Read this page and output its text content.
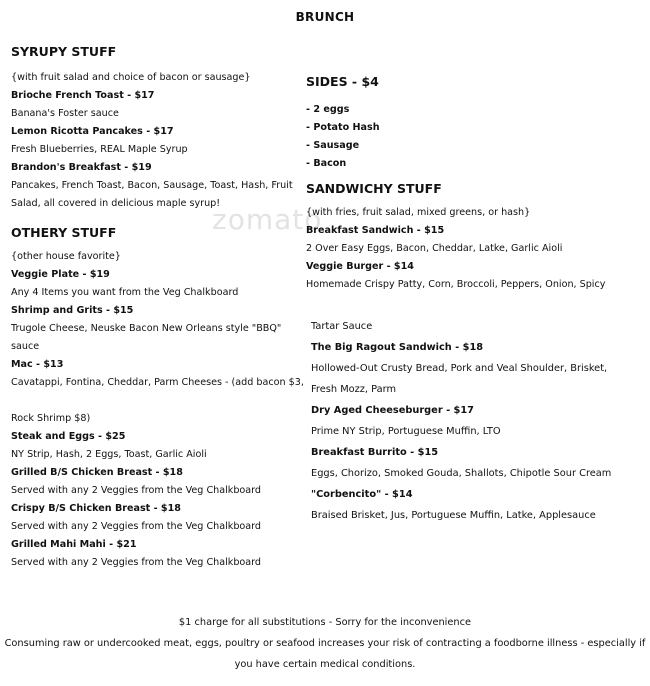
zomato
BRUNCH
SYRUPY STUFF
{with fruit salad and choice of bacon or sausage}
Brioche French Toast - $17
Banana's Foster sauce
Lemon Ricotta Pancakes - $17
Fresh Blueberries, REAL Maple Syrup
Brandon's Breakfast - $19
Pancakes, French Toast, Bacon, Sausage, Toast, Hash, Fruit
Salad, all covered in delicious maple syrup!
OTHERY STUFF
{other house favorite}
Veggie Plate - $19
Any 4 Items you want from the Veg Chalkboard
Shrimp and Grits - $15
Trugole Cheese, Neuske Bacon New Orleans style "BBQ"
sauce
Mac - $13
Cavatappi, Fontina, Cheddar, Parm Cheeses - (add bacon $3,

Rock Shrimp $8)
Steak and Eggs - $25
NY Strip, Hash, 2 Eggs, Toast, Garlic Aioli
Grilled B/S Chicken Breast - $18
Served with any 2 Veggies from the Veg Chalkboard
Crispy B/S Chicken Breast - $18
Served with any 2 Veggies from the Veg Chalkboard
Grilled Mahi Mahi - $21
Served with any 2 Veggies from the Veg Chalkboard
SIDES - $4
- 2 eggs
- Potato Hash
- Sausage
- Bacon
SANDWICHY STUFF
{with fries, fruit salad, mixed greens, or hash}
Breakfast Sandwich - $15
2 Over Easy Eggs, Bacon, Cheddar, Latke, Garlic Aioli
Veggie Burger - $14
Homemade Crispy Patty, Corn, Broccoli, Peppers, Onion, Spicy
Tartar Sauce
The Big Ragout Sandwich - $18
Hollowed-Out Crusty Bread, Pork and Veal Shoulder, Brisket,
Fresh Mozz, Parm
Dry Aged Cheeseburger - $17
Prime NY Strip, Portuguese Muffin, LTO
Breakfast Burrito - $15
Eggs, Chorizo, Smoked Gouda, Shallots, Chipotle Sour Cream
"Corbencito" - $14
Braised Brisket, Jus, Portuguese Muffin, Latke, Applesauce
$1 charge for all substitutions - Sorry for the inconvenience
Consuming raw or undercooked meat, eggs, poultry or seafood increases your risk of contracting a foodborne illness - especially if
you have certain medical conditions.
